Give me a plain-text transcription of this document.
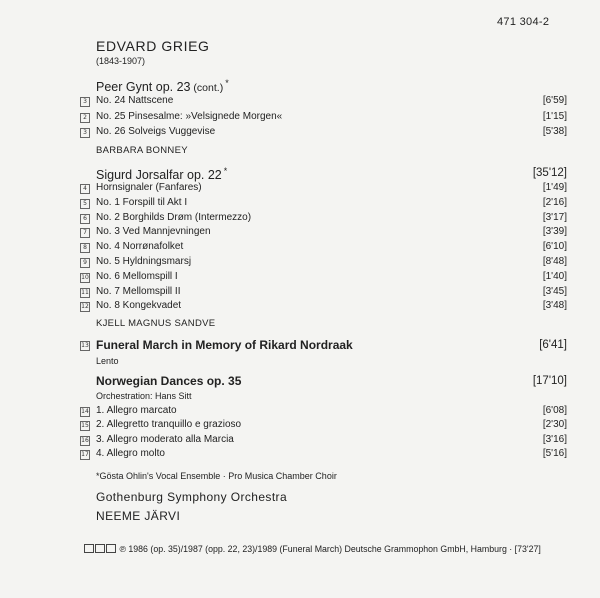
471 304-2
EDVARD GRIEG
(1843-1907)
Peer Gynt op. 23 (cont.) *
3 No. 24 Nattscene	[6'59]
2 No. 25 Pinsesalme: »Velsignede Morgen«	[1'15]
3 No. 26 Solveigs Vuggevise	[5'38]
BARBARA BONNEY
Sigurd Jorsalfar op. 22 *	[35'12]
4 Hornsignaler (Fanfares)	[1'49]
5 No. 1 Forspill til Akt I	[2'16]
6 No. 2 Borghilds Drøm (Intermezzo)	[3'17]
7 No. 3 Ved Mannjevningen	[3'39]
8 No. 4 Norrønafolket	[6'10]
9 No. 5 Hyldningsmarsj	[8'48]
10 No. 6 Mellomspill I	[1'40]
11 No. 7 Mellomspill II	[3'45]
12 No. 8 Kongekvadet	[3'48]
KJELL MAGNUS SANDVE
13 Funeral March in Memory of Rikard Nordraak	[6'41]
Lento
Norwegian Dances op. 35	[17'10]
Orchestration: Hans Sitt
14 1. Allegro marcato	[6'08]
15 2. Allegretto tranquillo e grazioso	[2'30]
16 3. Allegro moderato alla Marcia	[3'16]
17 4. Allegro molto	[5'16]
*Gösta Ohlin's Vocal Ensemble · Pro Musica Chamber Choir
Gothenburg Symphony Orchestra
NEEME JÄRVI
℗ 1986 (op. 35)/1987 (opp. 22, 23)/1989 (Funeral March) Deutsche Grammophon GmbH, Hamburg · [73'27]
